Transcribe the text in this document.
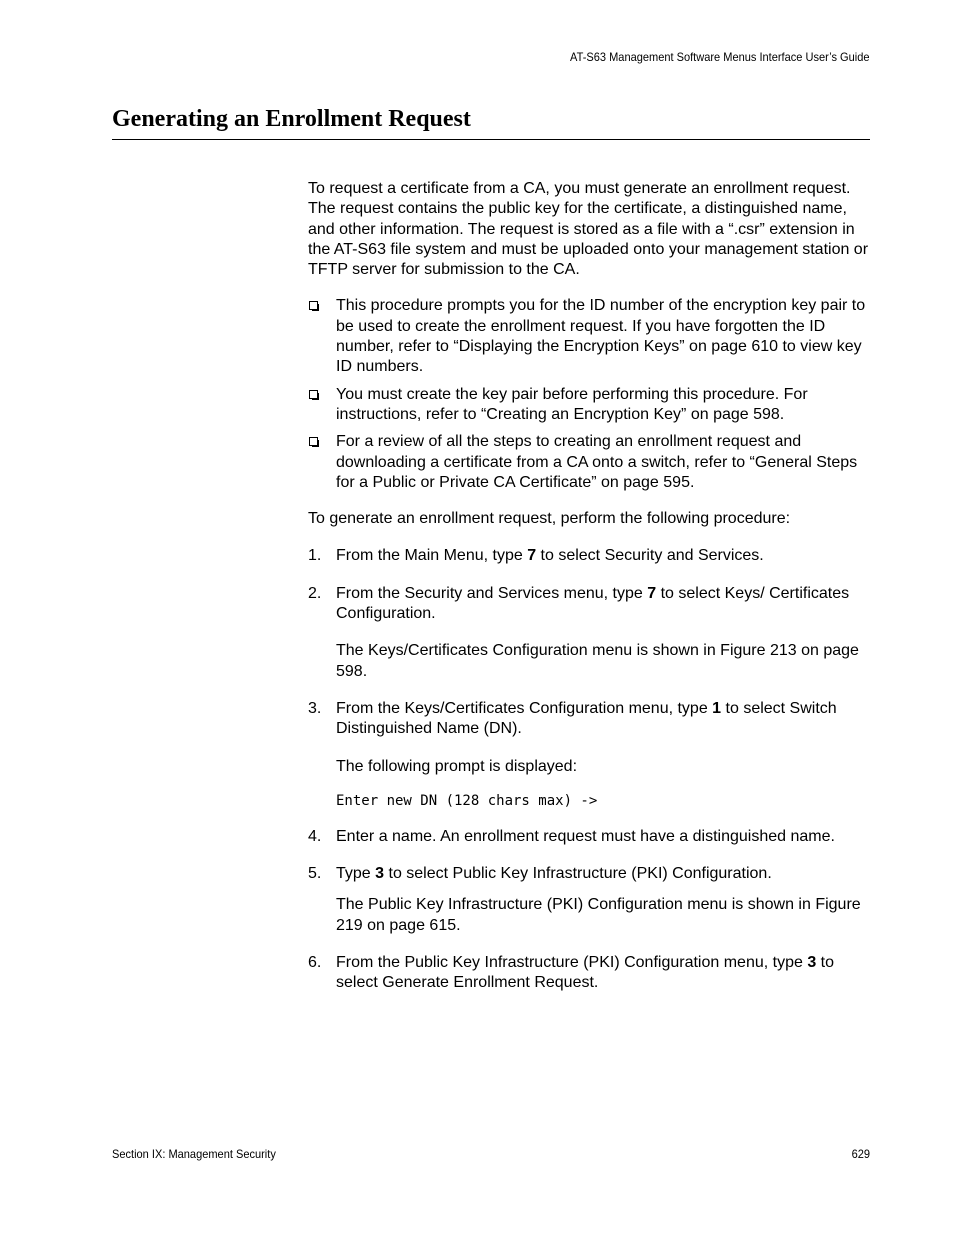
AT-S63 Management Software Menus Interface User’s Guide
Generating an Enrollment Request

To request a certificate from a CA, you must generate an enrollment request. The request contains the public key for the certificate, a distinguished name, and other information. The request is stored as a file with a “.csr” extension in the AT-S63 file system and must be uploaded onto your management station or TFTP server for submission to the CA.

This procedure prompts you for the ID number of the encryption key pair to be used to create the enrollment request. If you have forgotten the ID number, refer to “Displaying the Encryption Keys” on page 610 to view key ID numbers.
You must create the key pair before performing this procedure. For instructions, refer to “Creating an Encryption Key” on page 598.
For a review of all the steps to creating an enrollment request and downloading a certificate from a CA onto a switch, refer to “General Steps for a Public or Private CA Certificate” on page 595.

To generate an enrollment request, perform the following procedure:

1. From the Main Menu, type 7 to select Security and Services.

2. From the Security and Services menu, type 7 to select Keys/ Certificates Configuration.

The Keys/Certificates Configuration menu is shown in Figure 213 on page 598.

3. From the Keys/Certificates Configuration menu, type 1 to select Switch Distinguished Name (DN).

The following prompt is displayed:

Enter new DN (128 chars max) ->

4. Enter a name. An enrollment request must have a distinguished name.

5. Type 3 to select Public Key Infrastructure (PKI) Configuration.

The Public Key Infrastructure (PKI) Configuration menu is shown in Figure 219 on page 615.

6. From the Public Key Infrastructure (PKI) Configuration menu, type 3 to select Generate Enrollment Request.

Section IX: Management Security	629
